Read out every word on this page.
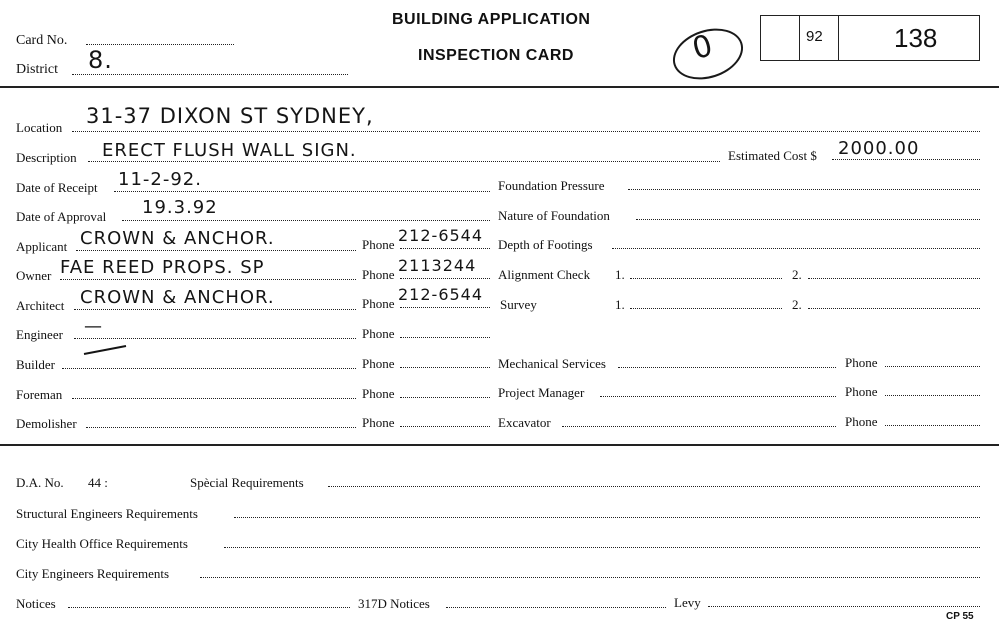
Card No.
District 8.
BUILDING APPLICATION
INSPECTION CARD	0	92	138
Location 31-37 DIXON ST SYDNEY,
Description ERECT FLUSH WALL SIGN.	Estimated Cost $ 2000.00
Date of Receipt 11-2-92.
Date of Approval 19.3.92
Applicant CROWN & ANCHOR.	Phone 212-6544
Owner FAE REED PROPS. SP	Phone 2113244
Architect CROWN & ANCHOR.	Phone 212-6544
Engineer —	Phone
Builder	Phone
Foreman	Phone
Demolisher	Phone
Foundation Pressure
Nature of Foundation
Depth of Footings
Alignment Check 1.	2.
Survey	1.	2.
Mechanical Services	Phone
Project Manager	Phone
Excavator	Phone
D.A. No. 44 :	Spècial Requirements
Structural Engineers Requirements
City Health Office Requirements
City Engineers Requirements
Notices	317D Notices	Levy
CP 55
